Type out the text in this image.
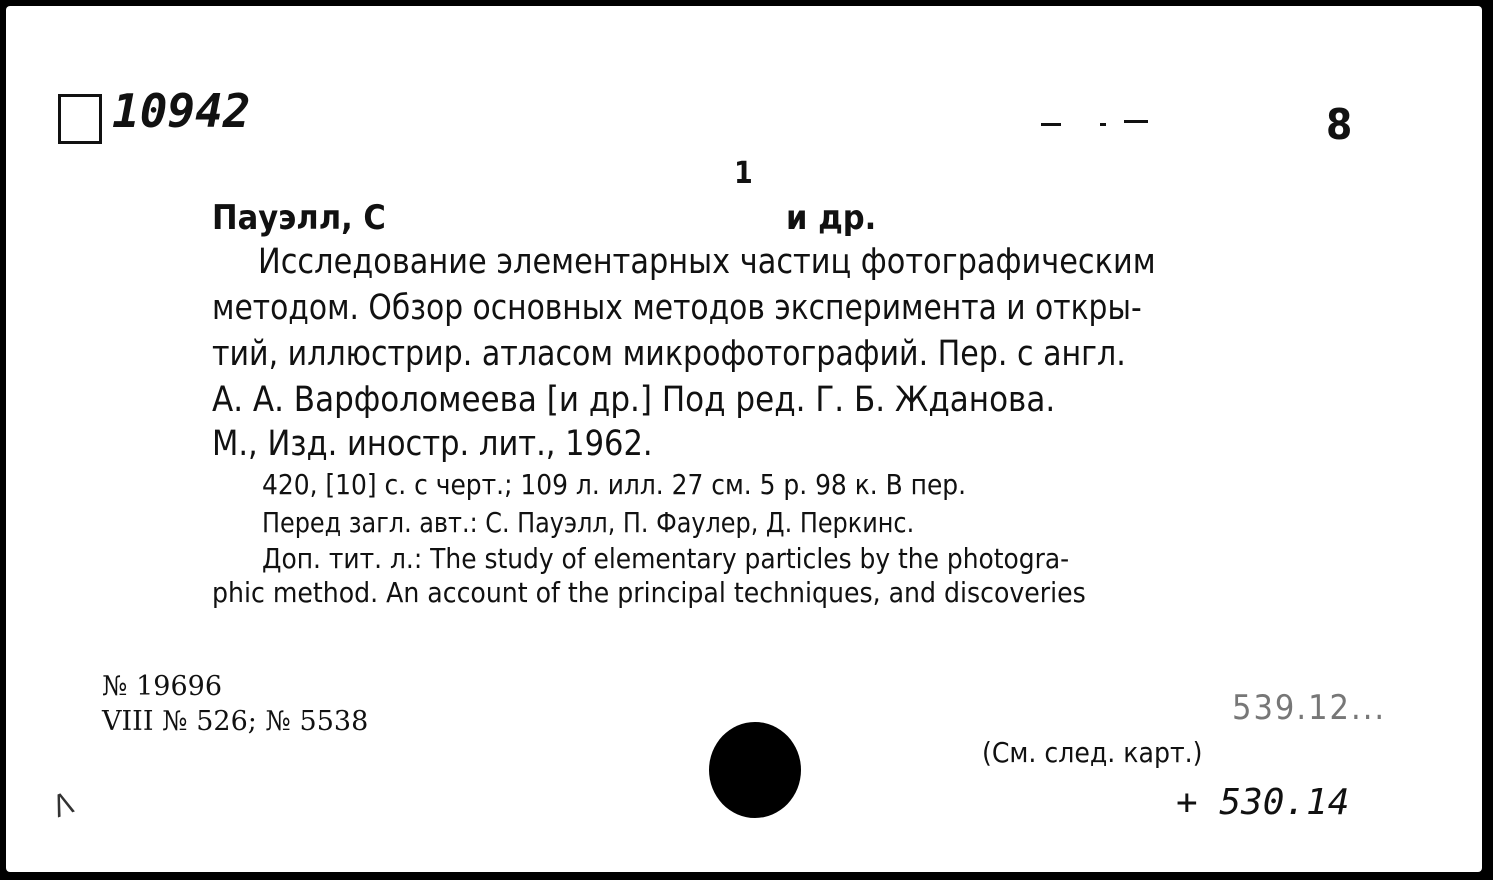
10942	8
1
Пауэлл, С	и др.
Исследование элементарных частиц фотографическим
методом. Обзор основных методов эксперимента и откры-
тий, иллюстрир. атласом микрофотографий. Пер. с англ.
А. А. Варфоломеева [и др.] Под ред. Г. Б. Жданова.
М., Изд. иностр. лит., 1962.
420, [10] с. с черт.; 109 л. илл. 27 см. 5 р. 98 к. В пер.
Перед загл. авт.: С. Пауэлл, П. Фаулер, Д. Перкинс.
Доп. тит. л.: The study of elementary particles by the photogra-
phic method. An account of the principal techniques, and discoveries
№ 19696
VIII № 526; № 5538	539.12...
(См. след. карт.)
+ 530.14
ᐱ
